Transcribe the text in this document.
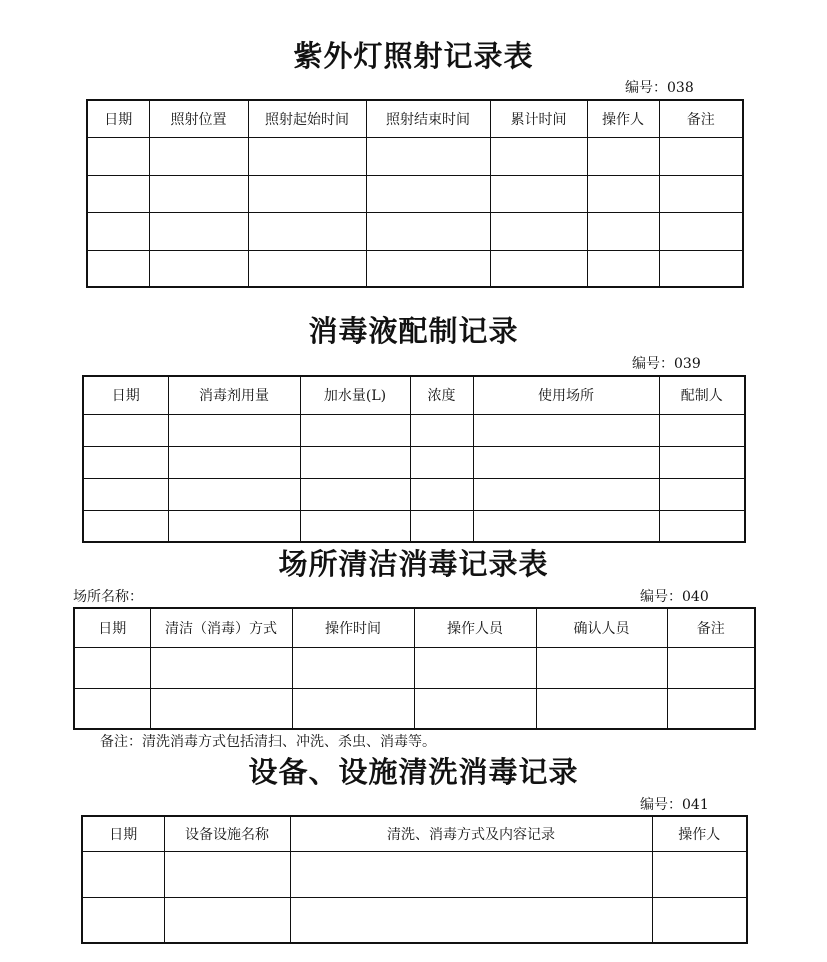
紫外灯照射记录表
编号：038
日期	照射位置	照射起始时间	照射结束时间	累计时间	操作人	备注

消毒液配制记录
编号：039
日期	消毒剂用量	加水量(L)	浓度	使用场所	配制人

场所清洁消毒记录表
场所名称：	编号：040
日期	清洁（消毒）方式	操作时间	操作人员	确认人员	备注

备注：清洗消毒方式包括清扫、冲洗、杀虫、消毒等。
设备、设施清洗消毒记录
编号：041
日期	设备设施名称	清洗、消毒方式及内容记录	操作人
